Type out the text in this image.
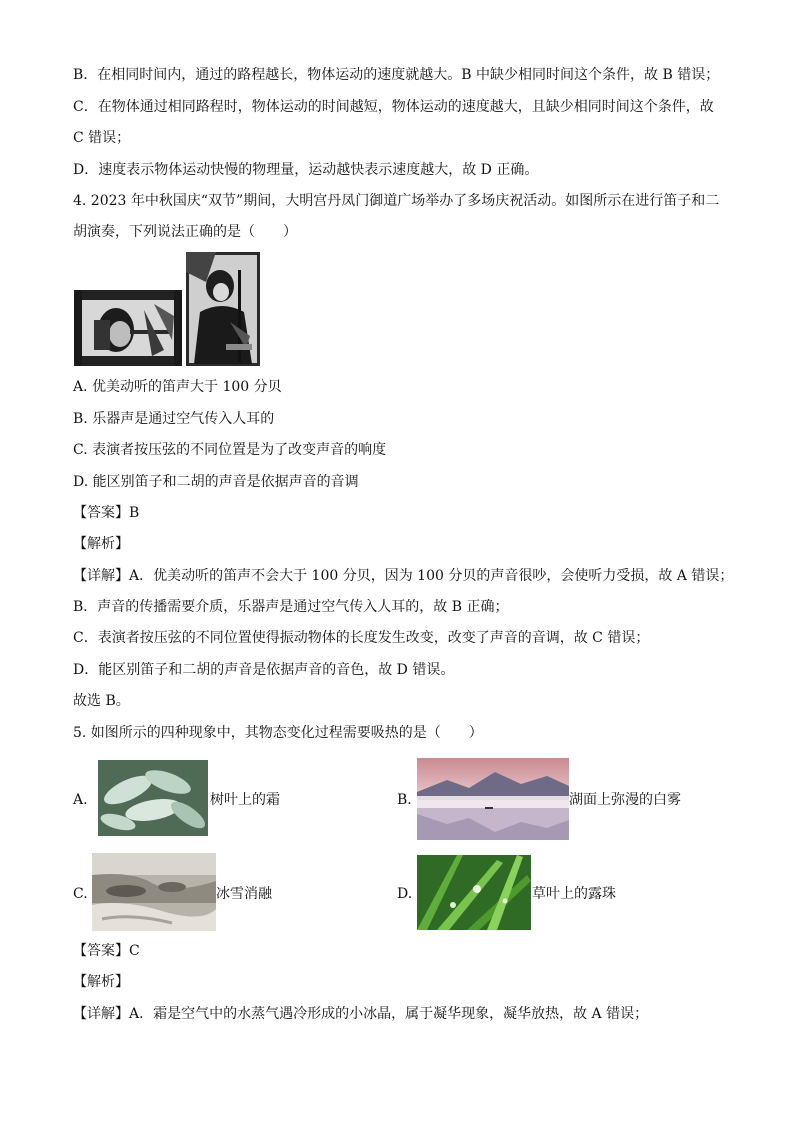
B．在相同时间内，通过的路程越长，物体运动的速度就越大。B 中缺少相同时间这个条件，故 B 错误；
C．在物体通过相同路程时，物体运动的时间越短，物体运动的速度越大，且缺少相同时间这个条件，故
C 错误；
D．速度表示物体运动快慢的物理量，运动越快表示速度越大，故 D 正确。
4. 2023 年中秋国庆“双节”期间，大明宫丹凤门御道广场举办了多场庆祝活动。如图所示在进行笛子和二
胡演奏，下列说法正确的是（　　）
A. 优美动听的笛声大于 100 分贝
B. 乐器声是通过空气传入人耳的
C. 表演者按压弦的不同位置是为了改变声音的响度
D. 能区别笛子和二胡的声音是依据声音的音调
【答案】B
【解析】
【详解】A．优美动听的笛声不会大于 100 分贝，因为 100 分贝的声音很吵，会使听力受损，故 A 错误；
B．声音的传播需要介质，乐器声是通过空气传入人耳的，故 B 正确；
C．表演者按压弦的不同位置使得振动物体的长度发生改变，改变了声音的音调，故 C 错误；
D．能区别笛子和二胡的声音是依据声音的音色，故 D 错误。
故选 B。
5. 如图所示的四种现象中，其物态变化过程需要吸热的是（　　）
A.	树叶上的霜	B.	湖面上弥漫的白雾
C.	冰雪消融	D.	草叶上的露珠
【答案】C
【解析】
【详解】A．霜是空气中的水蒸气遇冷形成的小冰晶，属于凝华现象，凝华放热，故 A 错误；
